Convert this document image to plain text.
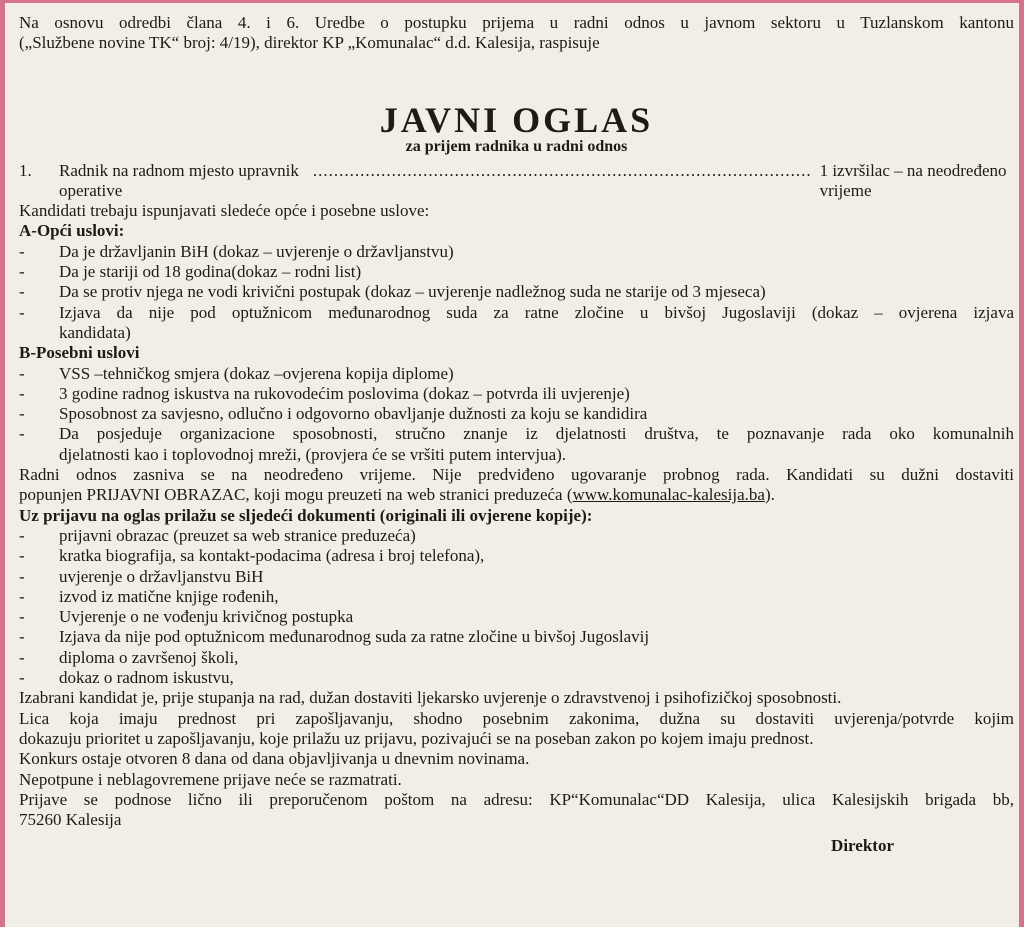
Na osnovu odredbi člana 4. i 6. Uredbe o postupku prijema u radni odnos u javnom sektoru u Tuzlanskom kantonu
(„Službene novine TK“ broj: 4/19), direktor KP „Komunalac“ d.d. Kalesija, raspisuje

JAVNI OGLAS
za prijem radnika u radni odnos
1.	Radnik na radnom mjesto upravnik operative
............................................................................................... 1 izvršilac – na neodređeno vrijeme
Kandidati trebaju ispunjavati sledeće opće i posebne uslove:
A-Opći uslovi:
-	Da je državljanin BiH (dokaz – uvjerenje o državljanstvu)
-	Da je stariji od 18 godina(dokaz – rodni list)
-	Da se protiv njega ne vodi krivični postupak (dokaz – uvjerenje nadležnog suda ne starije od 3 mjeseca)
-	Izjava da nije pod optužnicom međunarodnog suda za ratne zločine u bivšoj Jugoslaviji (dokaz – ovjerena izjava
kandidata)
B-Posebni uslovi
-	VSS –tehničkog smjera (dokaz –ovjerena kopija diplome)
-	3 godine radnog iskustva na rukovodećim poslovima (dokaz – potvrda ili uvjerenje)
-	Sposobnost za savjesno, odlučno i odgovorno obavljanje dužnosti za koju se kandidira
-	Da posjeduje organizacione sposobnosti, stručno znanje iz djelatnosti društva, te poznavanje rada oko komunalnih
djelatnosti kao i toplovodnoj mreži, (provjera će se vršiti putem intervjua).
Radni odnos zasniva se na neodređeno vrijeme. Nije predviđeno ugovaranje probnog rada. Kandidati su dužni dostaviti
popunjen PRIJAVNI OBRAZAC, koji mogu preuzeti na web stranici preduzeća (www.komunalac-kalesija.ba).
Uz prijavu na oglas prilažu se sljedeći dokumenti (originali ili ovjerene kopije):
-	prijavni obrazac (preuzet sa web stranice preduzeća)
-	kratka biografija, sa kontakt-podacima (adresa i broj telefona),
-	uvjerenje o državljanstvu BiH
-	izvod iz matične knjige rođenih,
-	Uvjerenje o ne vođenju krivičnog postupka
-	Izjava da nije pod optužnicom međunarodnog suda za ratne zločine u bivšoj Jugoslavij
-	diploma o završenoj školi,
-	dokaz o radnom iskustvu,
Izabrani kandidat je, prije stupanja na rad, dužan dostaviti ljekarsko uvjerenje o zdravstvenoj i psihofizičkoj sposobnosti.
Lica koja imaju prednost pri zapošljavanju, shodno posebnim zakonima, dužna su dostaviti uvjerenja/potvrde kojim
dokazuju prioritet u zapošljavanju, koje prilažu uz prijavu, pozivajući se na poseban zakon po kojem imaju prednost.
Konkurs ostaje otvoren 8 dana od dana objavljivanja u dnevnim novinama.
Nepotpune i neblagovremene prijave neće se razmatrati.
Prijave se podnose lično ili preporučenom poštom na adresu: KP“Komunalac“DD Kalesija, ulica Kalesijskih brigada bb,
75260 Kalesija
Direktor
